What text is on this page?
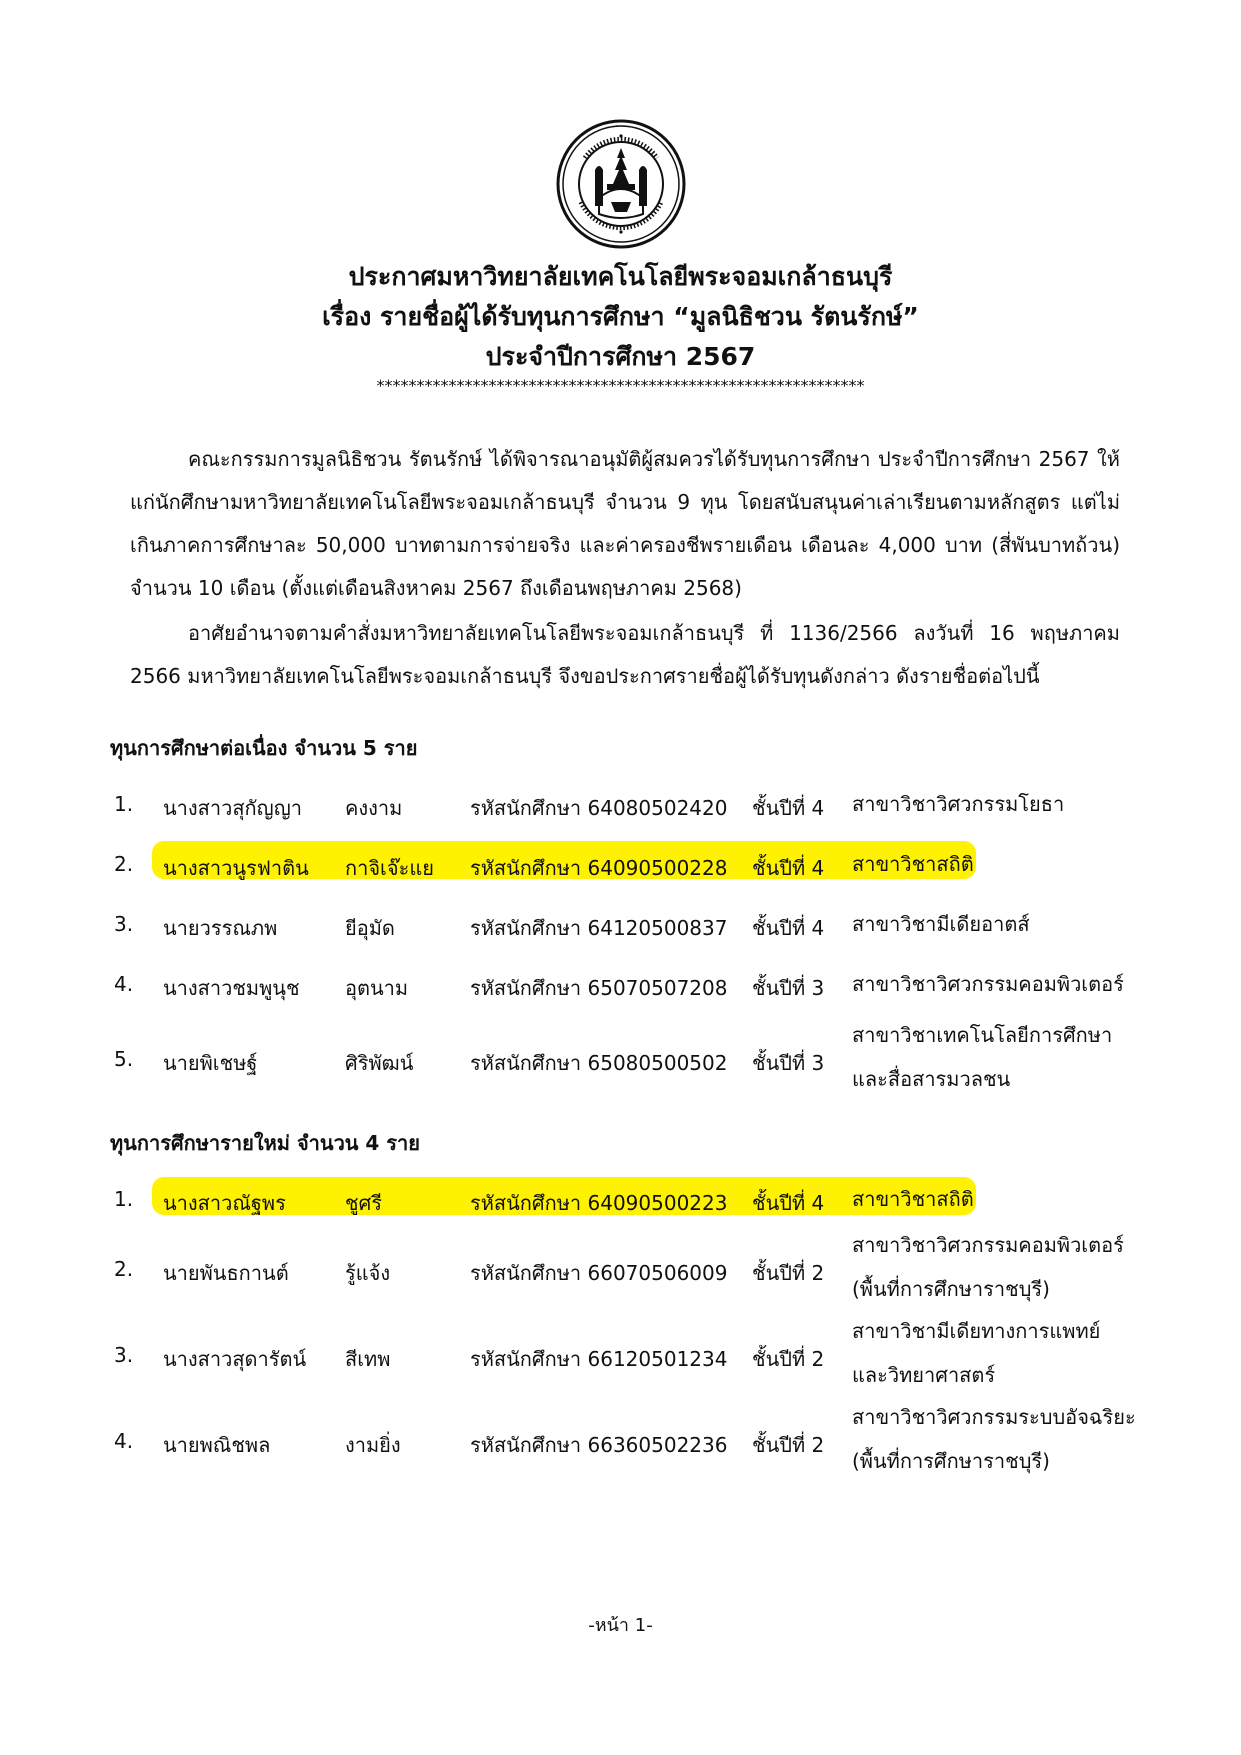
ประกาศมหาวิทยาลัยเทคโนโลยีพระจอมเกล้าธนบุรี
เรื่อง รายชื่อผู้ได้รับทุนการศึกษา “มูลนิธิชวน รัตนรักษ์”
ประจำปีการศึกษา 2567
*************************************************************
คณะกรรมการมูลนิธิชวน รัตนรักษ์ ได้พิจารณาอนุมัติผู้สมควรได้รับทุนการศึกษา ประจำปีการศึกษา 2567 ให้แก่นักศึกษามหาวิทยาลัยเทคโนโลยีพระจอมเกล้าธนบุรี จำนวน 9 ทุน โดยสนับสนุนค่าเล่าเรียนตามหลักสูตร แต่ไม่เกินภาคการศึกษาละ 50,000 บาทตามการจ่ายจริง และค่าครองชีพรายเดือน เดือนละ 4,000 บาท (สี่พันบาทถ้วน) จำนวน 10 เดือน (ตั้งแต่เดือนสิงหาคม 2567 ถึงเดือนพฤษภาคม 2568)
อาศัยอำนาจตามคำสั่งมหาวิทยาลัยเทคโนโลยีพระจอมเกล้าธนบุรี ที่ 1136/2566 ลงวันที่ 16 พฤษภาคม 2566 มหาวิทยาลัยเทคโนโลยีพระจอมเกล้าธนบุรี จึงขอประกาศรายชื่อผู้ได้รับทุนดังกล่าว ดังรายชื่อต่อไปนี้
ทุนการศึกษาต่อเนื่อง จำนวน 5 ราย
ทุนการศึกษารายใหม่ จำนวน 4 ราย
1. นางสาวสุกัญญา คงงาม	รหัสนักศึกษา 64080502420 ชั้นปีที่ 4 สาขาวิชาวิศวกรรมโยธา
2. นางสาวนูรฟาติน กาจิเจ๊ะแย รหัสนักศึกษา 64090500228 ชั้นปีที่ 4 สาขาวิชาสถิติ
3. นายวรรณภพ	ยีอุมัด	รหัสนักศึกษา 64120500837 ชั้นปีที่ 4 สาขาวิชามีเดียอาตส์
4. นางสาวชมพูนุช อุตนาม	รหัสนักศึกษา 65070507208 ชั้นปีที่ 3 สาขาวิชาวิศวกรรมคอมพิวเตอร์
5. นายพิเชษฐ์	ศิริพัฒน์	รหัสนักศึกษา 65080500502 ชั้นปีที่ 3
สาขาวิชาเทคโนโลยีการศึกษา
และสื่อสารมวลชน
1. นางสาวณัฐพร	ชูศรี	รหัสนักศึกษา 64090500223 ชั้นปีที่ 4 สาขาวิชาสถิติ
2. นายพันธกานต์	รู้แจ้ง	รหัสนักศึกษา 66070506009 ชั้นปีที่ 2
สาขาวิชาวิศวกรรมคอมพิวเตอร์
(พื้นที่การศึกษาราชบุรี)
3. นางสาวสุดารัตน์ สีเทพ	รหัสนักศึกษา 66120501234 ชั้นปีที่ 2
สาขาวิชามีเดียทางการแพทย์
และวิทยาศาสตร์
4. นายพณิชพล	งามยิ่ง	รหัสนักศึกษา 66360502236 ชั้นปีที่ 2
สาขาวิชาวิศวกรรมระบบอัจฉริยะ
(พื้นที่การศึกษาราชบุรี)
-หน้า 1-
